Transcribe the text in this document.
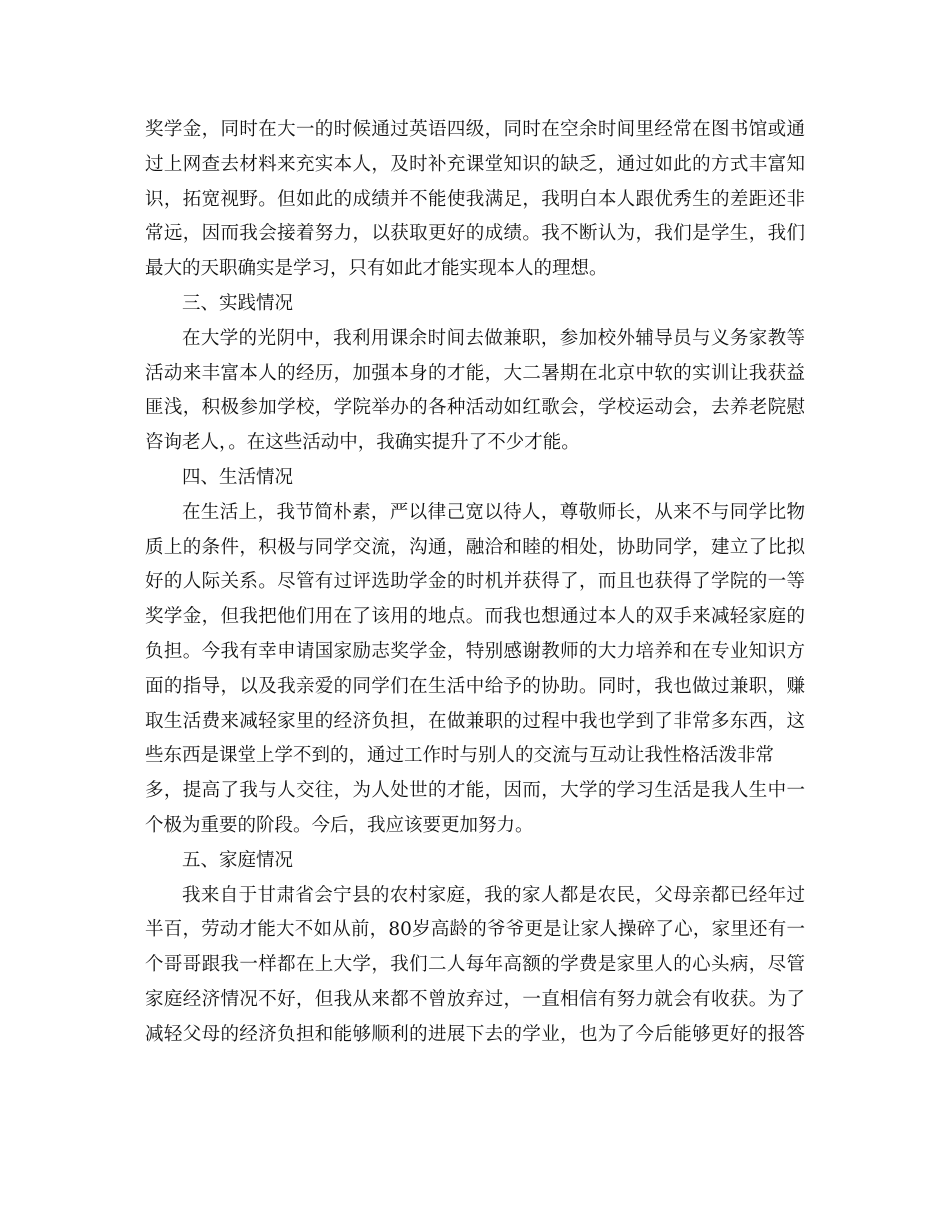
奖学金，同时在大一的时候通过英语四级，同时在空余时间里经常在图书馆或通
过上网查去材料来充实本人，及时补充课堂知识的缺乏，通过如此的方式丰富知
识，拓宽视野。但如此的成绩并不能使我满足，我明白本人跟优秀生的差距还非
常远，因而我会接着努力，以获取更好的成绩。我不断认为，我们是学生，我们
最大的天职确实是学习，只有如此才能实现本人的理想。
三、实践情况
在大学的光阴中，我利用课余时间去做兼职，参加校外辅导员与义务家教等
活动来丰富本人的经历，加强本身的才能，大二暑期在北京中软的实训让我获益
匪浅，积极参加学校，学院举办的各种活动如红歌会，学校运动会，去养老院慰
咨询老人，。在这些活动中，我确实提升了不少才能。
四、生活情况
在生活上，我节简朴素，严以律己宽以待人，尊敬师长，从来不与同学比物
质上的条件，积极与同学交流，沟通，融洽和睦的相处，协助同学，建立了比拟
好的人际关系。尽管有过评选助学金的时机并获得了，而且也获得了学院的一等
奖学金，但我把他们用在了该用的地点。而我也想通过本人的双手来减轻家庭的
负担。今我有幸申请国家励志奖学金，特别感谢教师的大力培养和在专业知识方
面的指导，以及我亲爱的同学们在生活中给予的协助。同时，我也做过兼职，赚
取生活费来减轻家里的经济负担，在做兼职的过程中我也学到了非常多东西，这
些东西是课堂上学不到的，通过工作时与别人的交流与互动让我性格活泼非常
多，提高了我与人交往，为人处世的才能，因而，大学的学习生活是我人生中一
个极为重要的阶段。今后，我应该要更加努力。
五、家庭情况
我来自于甘肃省会宁县的农村家庭，我的家人都是农民，父母亲都已经年过
半百，劳动才能大不如从前，80岁高龄的爷爷更是让家人操碎了心，家里还有一
个哥哥跟我一样都在上大学，我们二人每年高额的学费是家里人的心头病，尽管
家庭经济情况不好，但我从来都不曾放弃过，一直相信有努力就会有收获。为了
减轻父母的经济负担和能够顺利的进展下去的学业，也为了今后能够更好的报答
